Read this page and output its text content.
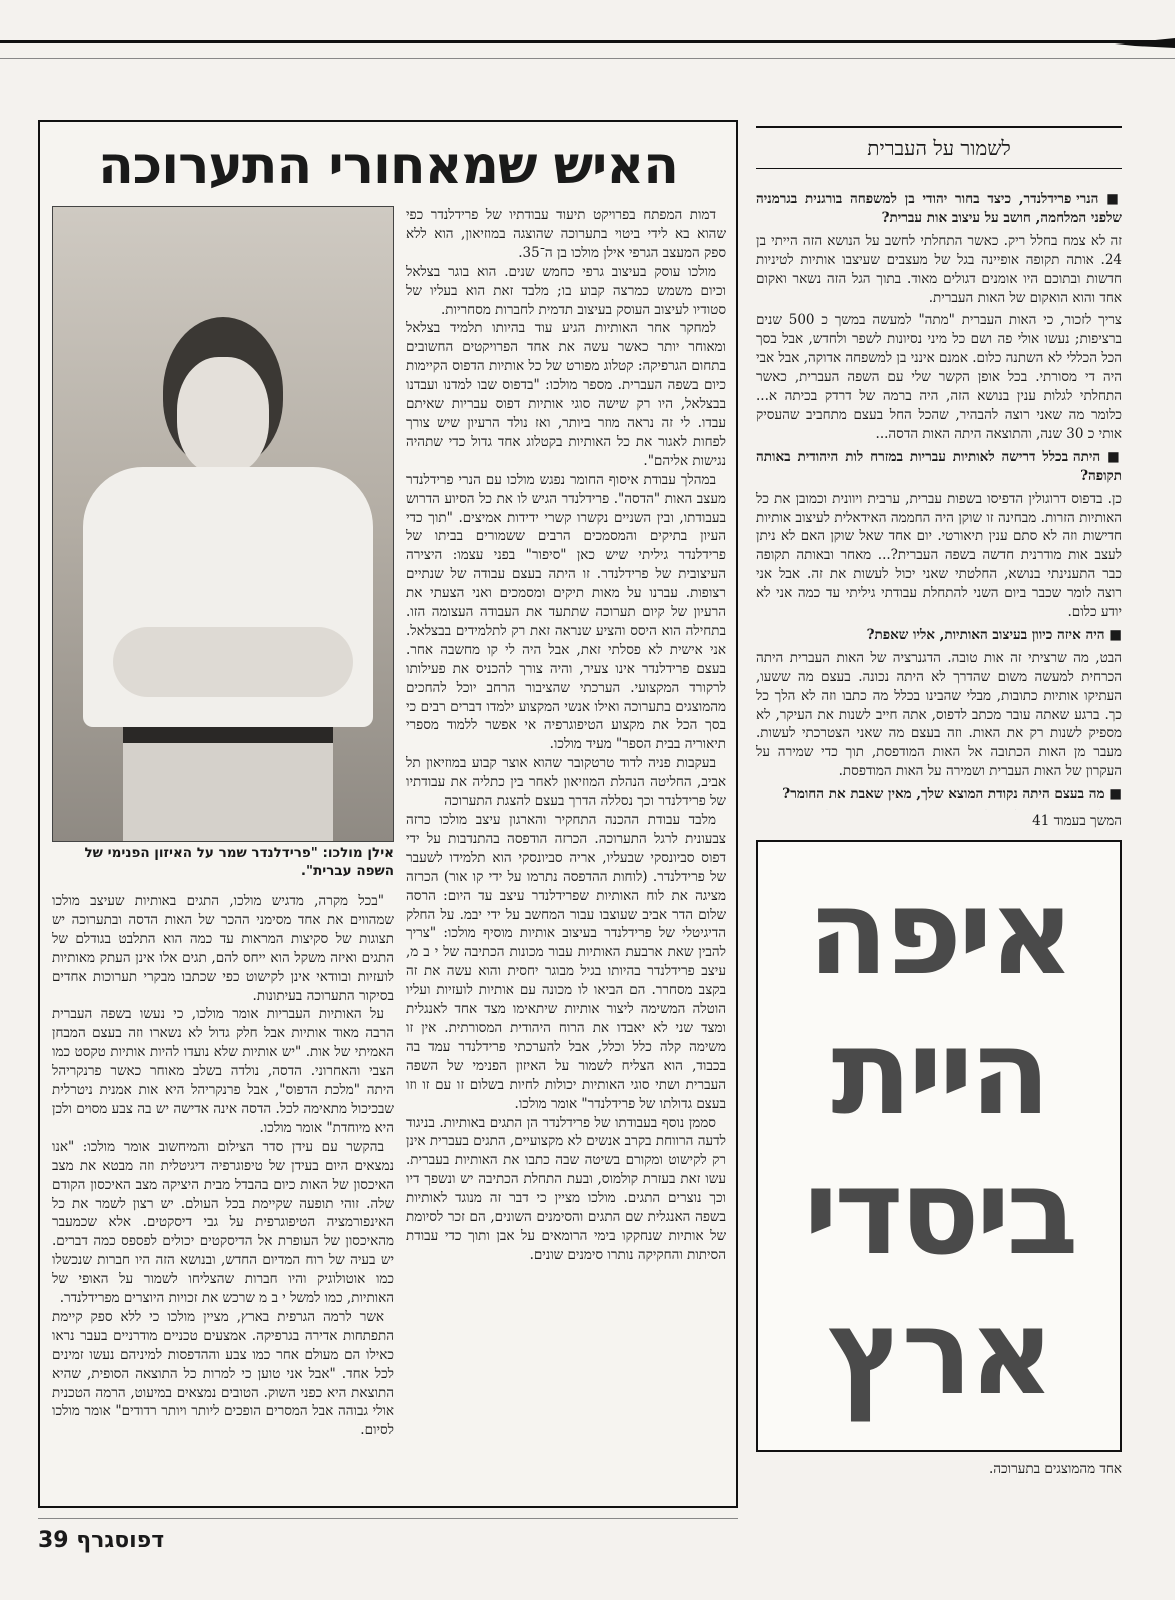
האיש שמאחורי התערוכה
אילן מולכו: "פרידלנדר שמר על האיזון הפנימי של השפה עברית".

דמות המפתח בפרויקט תיעוד עבודתיו של פרידלנדר כפי שהוא בא לידי ביטוי בתערוכה שהוצגה במוזיאון, הוא ללא ספק המעצב הגרפי אילן מולכו בן ה־35.

מולכו עוסק בעיצוב גרפי כחמש שנים. הוא בוגר בצלאל וכיום משמש כמרצה קבוע בו; מלבד זאת הוא בעליו של סטודיו לעיצוב העוסק בעיצוב תדמית לחברות מסחריות.

למחקר אחר האותיות הגיע עוד בהיותו תלמיד בצלאל ומאוחר יותר כאשר עשה את אחד הפרויקטים החשובים בתחום הגרפיקה: קטלוג מפורט של כל אותיות הדפוס הקיימות כיום בשפה העברית. מספר מולכו: "בדפוס שבו למדנו ועבדנו בבצלאל, היו רק שישה סוגי אותיות דפוס עבריות שאיתם עבדו. לי זה נראה מוזר ביותר, ואז נולד הרעיון שיש צורך לפחות לאגור את כל האותיות בקטלוג אחד גדול כדי שתהיה נגישות אליהם".

במהלך עבודת איסוף החומר נפגש מולכו עם הנרי פרידלנדר מעצב האות "הדסה". פרידלנדר הגיש לו את כל הסיוע הדרוש בעבודתו, ובין השניים נקשרו קשרי ידידות אמיצים. "תוך כדי העיון בתיקים והמסמכים הרבים ששמורים בביתו של פרידלנדר גיליתי שיש כאן "סיפור" בפני עצמו: היצירה העיצובית של פרידלנדר. זו היתה בעצם עבודה של שנתיים רצופות. עברנו על מאות תיקים ומסמכים ואני הצעתי את הרעיון של קיום תערוכה שתתעד את העבודה העצומה הזו. בתחילה הוא היסס והציע שנראה זאת רק לתלמידים בבצלאל. אני אישית לא פסלתי זאת, אבל היה לי קו מחשבה אחר. בעצם פרידלנדר אינו צעיר, והיה צורך להכניס את פעילותו לרקורד המקצועי. הערכתי שהציבור הרחב יוכל להחכים מהמוצגים בתערוכה ואילו אנשי המקצוע ילמדו דברים רבים כי בסך הכל את מקצוע הטיפוגרפיה אי אפשר ללמוד מספרי תיאוריה בבית הספר" מעיד מולכו.

בעקבות פניה לדוד טרטקובר שהוא אוצר קבוע במוזיאון תל אביב, החליטה הנהלת המוזיאון לאחר בין כתליה את עבודתיו של פרידלנדר וכך נסללה הדרך בעצם להצגת התערוכה

מלבד עבודת ההכנה התחקיר והארגון עיצב מולכו כרזה צבעונית לרגל התערוכה. הכרזה הודפסה בהתנדבות על ידי דפוס סביונסקי שבעליו, אריה סביונסקי הוא תלמידו לשעבר של פרידלנדר. (לוחות ההדפסה נתרמו על ידי קו אור) הכרזה מציגה את לוח האותיות שפרידלנדר עיצב עד היום: הרסה שלום הדר אביב שעוצבו עבור המחשב על ידי יבמ. על החלק הדיגיטלי של פרידלנדר בעיצוב אותיות מוסיף מולכו: "צריך להבין שאת ארבעת האותיות עבור מכונות הכתיבה של י ב מ, עיצב פרידלנדר בהיותו בגיל מבוגר יחסית והוא עשה את זה בקצב מסחרר. הם הביאו לו מכונה עם אותיות לועזיות ועליו הוטלה המשימה ליצור אותיות שיתאימו מצד אחד לאנגלית ומצד שני לא יאבדו את הרוח היהודית המסורתית. אין זו משימה קלה כלל וכלל, אבל להערכתי פרידלנדר עמד בה בכבוד, הוא הצליח לשמור על האיזון הפנימי של השפה העברית ושתי סוגי האותיות יכולות לחיות בשלום זו עם זו וזו בעצם גדולתו של פרידלנדר" אומר מולכו.

סממן נוסף בעבודתו של פרידלנדר הן התגים באותיות. בניגוד לדעה הרווחת בקרב אנשים לא מקצועיים, התגים בעברית אינן רק לקישוט ומקורם בשיטה שבה כתבו את האותיות בעברית. עשו זאת בעזרת קולמוס, ובעת התחלת הכתיבה יש ונשפך דיו וכך נוצרים התגים. מולכו מציין כי דבר זה מנוגד לאותיות בשפה האנגלית שם התגים והסימנים השונים, הם זכר לסיומת של אותיות שנחקקו בימי הרומאים על אבן ותוך כדי עבודת הסיתות והחקיקה נותרו סימנים שונים.

"בכל מקרה, מדגיש מולכו, התגים באותיות שעיצב מולכו שמהווים את אחד מסימני ההכר של האות הדסה ובתערוכה יש תצוגות של סקיצות המראות עד כמה הוא התלבט בגודלם של התגים ואיזה משקל הוא ייחס להם, תגים אלו אינן העתק מאותיות לועזיות ובוודאי אינן לקישוט כפי שכתבו מבקרי תערוכות אחדים בסיקור התערוכה בעיתונות.

על האותיות העבריות אומר מולכו, כי נעשו בשפה העברית הרבה מאוד אותיות אבל חלק גדול לא נשארו וזה בעצם המבחן האמיתי של אות. "יש אותיות שלא נועדו להיות אותיות טקסט כמו הצבי והאחרוני. הדסה, נולדה בשלב מאוחר כאשר פרנקריהל היתה "מלכת הדפוס", אבל פרנקריהל היא אות אמנית ניטרלית שבכיכול מתאימה לכל. הדסה אינה אדישה יש בה צבע מסוים ולכן היא מיוחדת" אומר מולכו.

בהקשר עם עידן סדר הצילום והמיחשוב אומר מולכו: "אנו נמצאים היום בעידן של טיפוגרפיה דיגיטלית וזה מבטא את מצב האיכסון של האות כיום בהבדל מבית היציקה מצב האיכסון הקודם שלה. זוהי תופעה שקיימת בכל העולם. יש רצון לשמר את כל האינפורמציה הטיפוגרפית על גבי דיסקטים. אלא שכמעבר מהאיכסון של העופרת אל הדיסקטים יכולים לפספס כמה דברים. יש בעיה של רוח המדיום החדש, ובנושא הזה היו חברות שנכשלו כמו אוטולוגיק והיו חברות שהצליחו לשמור על האופי של האותיות, כמו למשל י ב מ שרכש את זכויות היוצרים מפרידלנדר.

אשר לרמה הגרפית בארץ, מציין מולכו כי ללא ספק קיימת התפתחות אדירה בגרפיקה. אמצעים טכניים מודרניים בעבר נראו כאילו הם מעולם אחר כמו צבע וההדפסות למיניהם נעשו זמינים לכל אחד. "אבל אני טוען כי למרות כל התוצאה הסופית, שהיא התוצאת היא כפני השוק. הטובים נמצאים במיעוט, הרמה הטכנית אולי גבוהה אבל המסרים הופכים ליותר ויותר רדודים" אומר מולכו לסיום.

לשמור על העברית

■ הנרי פרידלנדר, כיצד בחור יהודי בן למשפחה בורגנית בגרמניה שלפני המלחמה, חושב על עיצוב אות עברית?

זה לא צמח בחלל ריק. כאשר התחלתי לחשב על הנושא הזה הייתי בן 24. אותה תקופה אופיינה בגל של מעצבים שעיצבו אותיות לטיניות חדשות ובתוכם היו אומנים דגולים מאוד. בתוך הגל הזה נשאר ואקום אחד והוא הואקום של האות העברית.

צריך לזכור, כי האות העברית "מתה" למעשה במשך כ 500 שנים ברציפות; נעשו אולי פה ושם כל מיני נסיונות לשפר ולחדש, אבל בסך הכל הכללי לא השתנה כלום. אמנם אינני בן למשפחה אדוקה, אבל אבי היה די מסורתי. בכל אופן הקשר שלי עם השפה העברית, כאשר התחלתי לגלות ענין בנושא הזה, היה ברמה של דרדק בכיתה א... כלומר מה שאני רוצה להבהיר, שהכל החל בעצם מתחביב שהעסיק אותי כ 30 שנה, והתוצאה היתה האות הדסה...

■ היתה בכלל דרישה לאותיות עבריות במזרח לות היהודית באותה תקופה?

כן. בדפוס דרוגולין הדפיסו בשפות עברית, ערבית ויוונית וכמובן את כל האותיות הזרות. מבחינה זו שוקן היה החממה האידאלית לעיצוב אותיות חדישות וזה לא סתם ענין תיאורטי. יום אחד שאל שוקן האם לא ניתן לעצב אות מודרנית חדשה בשפה העברית?... מאחר ובאותה תקופה כבר התענינתי בנושא, החלטתי שאני יכול לעשות את זה. אבל אני רוצה לומר שכבר ביום השני להתחלת עבודתי גיליתי עד כמה אני לא יודע כלום.

■ היה איזה כיוון בעיצוב האותיות, אליו שאפת?

הבט, מה שרציתי זה אות טובה. הדגנרציה של האות העברית היתה הכרחית למעשה משום שהדרך לא היתה נכונה. בעצם מה ששעו, העתיקו אותיות כתובות, מבלי שהבינו בכלל מה כתבו וזה לא הלך כל כך. ברגע שאתה עובר מכתב לדפוס, אתה חייב לשנות את העיקר, לא מספיק לשנות רק את האות. וזה בעצם מה שאני הצטרכתי לעשות. מעבר מן האות הכתובה אל האות המודפסת, תוך כדי שמירה על העקרון של האות העברית ושמירה על האות המודפסת.

■ מה בעצם היתה נקודת המוצא שלך, מאין שאבת את החומר?

המשך בעמוד 41
איפה
היית
ביסדי
ארץ
אחד מהמוצגים בתערוכה.
דפוסגרף 39
